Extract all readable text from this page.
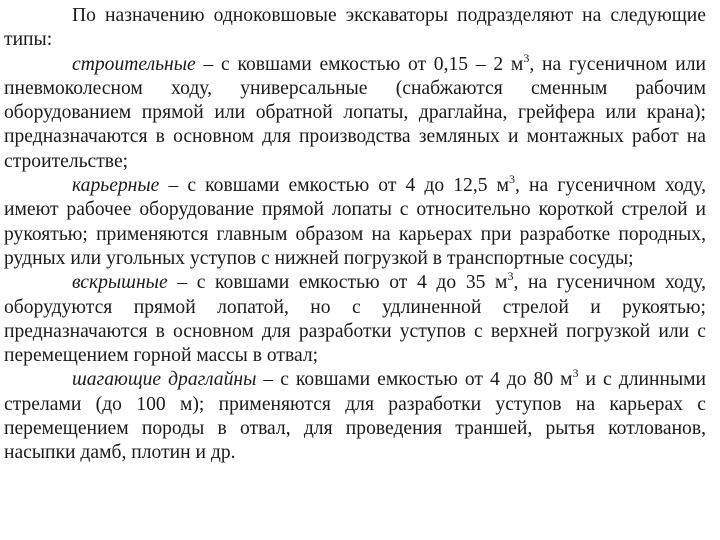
По назначению одноковшовые экскаваторы подразделяют на следующие типы:

строительные – с ковшами емкостью от 0,15 – 2 $м^3$, на гусеничном или пневмоколесном ходу, универсальные (снабжаются сменным рабочим оборудованием прямой или обратной лопаты, драглайна, грейфера или крана); предназначаются в основном для производства земляных и монтажных работ на строительстве;

карьерные – с ковшами емкостью от 4 до 12,5 $м^3$, на гусеничном ходу, имеют рабочее оборудование прямой лопаты с относительно короткой стрелой и рукоятью; применяются главным образом на карьерах при разработке породных, рудных или угольных уступов с нижней погрузкой в транспортные сосуды;

вскрышные – с ковшами емкостью от 4 до 35 $м^3$, на гусеничном ходу, оборудуются прямой лопатой, но с удлиненной стрелой и рукоятью; предназначаются в основном для разработки уступов с верхней погрузкой или с перемещением горной массы в отвал;

шагающие драглайны – с ковшами емкостью от 4 до 80 $м^3$ и с длинными стрелами (до 100 м); применяются для разработки уступов на карьерах с перемещением породы в отвал, для проведения траншей, рытья котлованов, насыпки дамб, плотин и др.
